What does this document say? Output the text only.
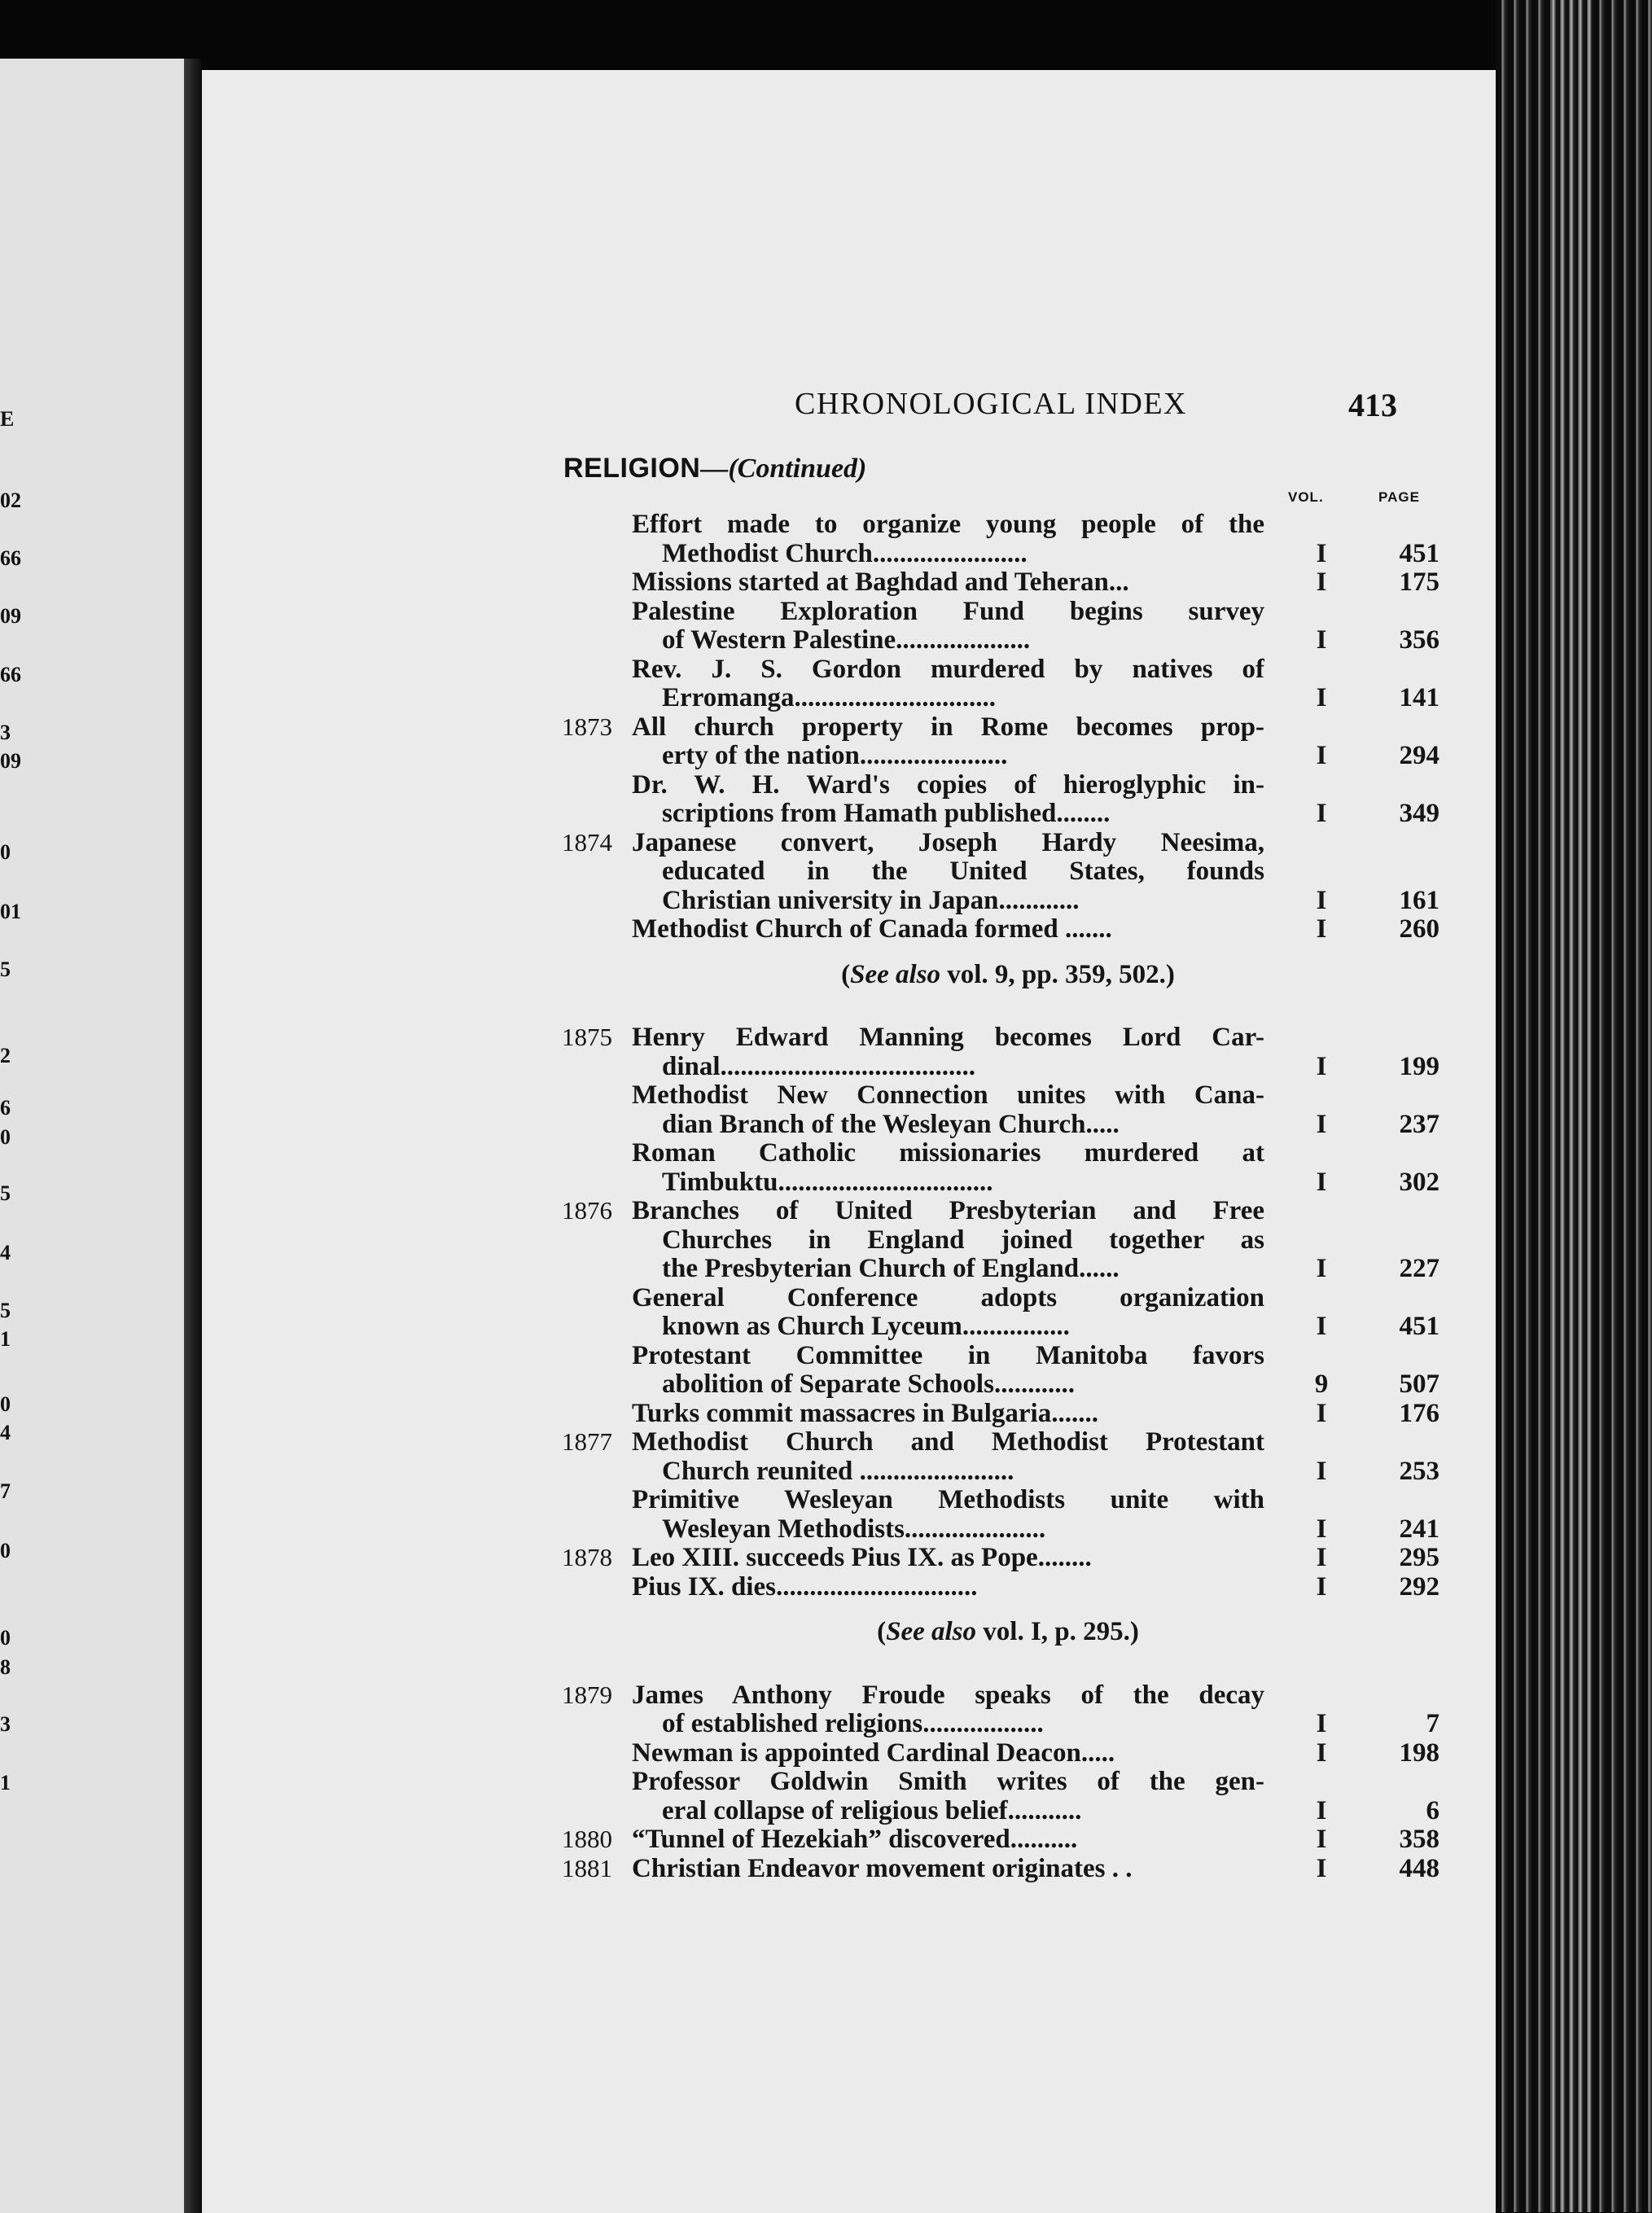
E
02
66
09
66
3
09
0
01
5
2
6
0
5
4
5
1
0
4
7
0
0
8
3
1
CHRONOLOGICAL INDEX	413
RELIGION—(Continued)
VOL.	PAGE
Effort made to organize young people of the
Methodist Church.......................	I	451
Missions started at Baghdad and Teheran...	I	175
Palestine Exploration Fund begins survey
of Western Palestine....................	I	356
Rev. J. S. Gordon murdered by natives of
Erromanga..............................	I	141
1873 All church property in Rome becomes prop-
erty of the nation......................	I	294
Dr. W. H. Ward's copies of hieroglyphic in-
scriptions from Hamath published........	I	349
1874 Japanese convert, Joseph Hardy Neesima,
educated in the United States, founds
Christian university in Japan............	I	161
Methodist Church of Canada formed .......	I	260
(See also vol. 9, pp. 359, 502.)
1875 Henry Edward Manning becomes Lord Car-
dinal......................................	I	199
Methodist New Connection unites with Cana-
dian Branch of the Wesleyan Church.....	I	237
Roman Catholic missionaries murdered at
Timbuktu................................	I	302
1876 Branches of United Presbyterian and Free
Churches in England joined together as
the Presbyterian Church of England......	I	227
General Conference adopts organization
known as Church Lyceum................	I	451
Protestant Committee in Manitoba favors
abolition of Separate Schools............	9	507
Turks commit massacres in Bulgaria.......	I	176
1877 Methodist Church and Methodist Protestant
Church reunited .......................	I	253
Primitive Wesleyan Methodists unite with
Wesleyan Methodists.....................	I	241
1878 Leo XIII. succeeds Pius IX. as Pope........	I	295
Pius IX. dies..............................	I	292
(See also vol. I, p. 295.)
1879 James Anthony Froude speaks of the decay
of established religions..................	I	7
Newman is appointed Cardinal Deacon.....	I	198
Professor Goldwin Smith writes of the gen-
eral collapse of religious belief...........	I	6
1880 “Tunnel of Hezekiah” discovered..........	I	358
1881 Christian Endeavor movement originates . .	I	448
